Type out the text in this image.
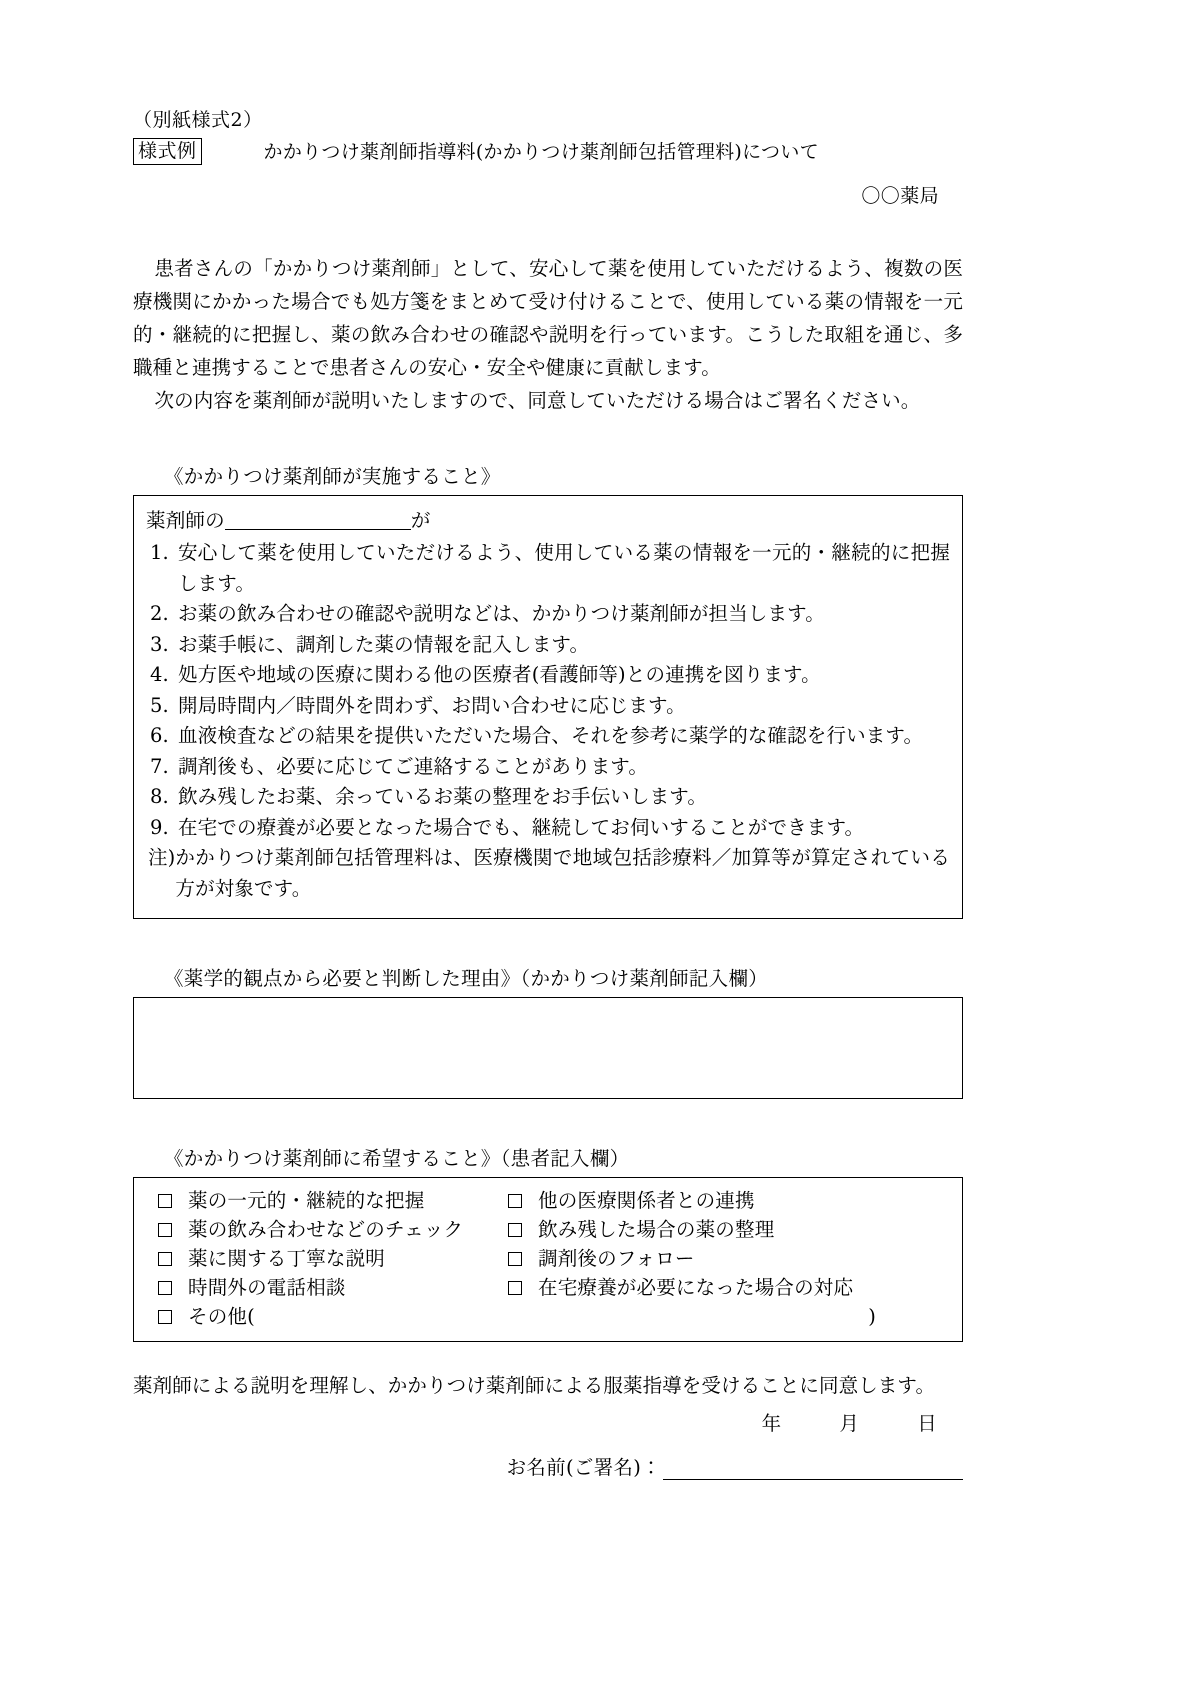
（別紙様式2）
様式例	かかりつけ薬剤師指導料(かかりつけ薬剤師包括管理料)について
〇〇薬局

患者さんの「かかりつけ薬剤師」として、安心して薬を使用していただけるよう、複数の医療機関にかかった場合でも処方箋をまとめて受け付けることで、使用している薬の情報を一元的・継続的に把握し、薬の飲み合わせの確認や説明を行っています。こうした取組を通じ、多職種と連携することで患者さんの安心・安全や健康に貢献します。

次の内容を薬剤師が説明いたしますので、同意していただける場合はご署名ください。

《かかりつけ薬剤師が実施すること》
薬剤師の	が
1. 安心して薬を使用していただけるよう、使用している薬の情報を一元的・継続的に把握します。
2. お薬の飲み合わせの確認や説明などは、かかりつけ薬剤師が担当します。
3. お薬手帳に、調剤した薬の情報を記入します。
4. 処方医や地域の医療に関わる他の医療者(看護師等)との連携を図ります。
5. 開局時間内／時間外を問わず、お問い合わせに応じます。
6. 血液検査などの結果を提供いただいた場合、それを参考に薬学的な確認を行います。
7. 調剤後も、必要に応じてご連絡することがあります。
8. 飲み残したお薬、余っているお薬の整理をお手伝いします。
9. 在宅での療養が必要となった場合でも、継続してお伺いすることができます。
注) かかりつけ薬剤師包括管理料は、医療機関で地域包括診療料／加算等が算定されている方が対象です。
《薬学的観点から必要と判断した理由》（かかりつけ薬剤師記入欄）
《かかりつけ薬剤師に希望すること》（患者記入欄）
薬の一元的・継続的な把握	他の医療関係者との連携
薬の飲み合わせなどのチェック	飲み残した場合の薬の整理
薬に関する丁寧な説明	調剤後のフォロー
時間外の電話相談	在宅療養が必要になった場合の対応
その他(	)
薬剤師による説明を理解し、かかりつけ薬剤師による服薬指導を受けることに同意します。
年	月	日
お名前(ご署名)：
